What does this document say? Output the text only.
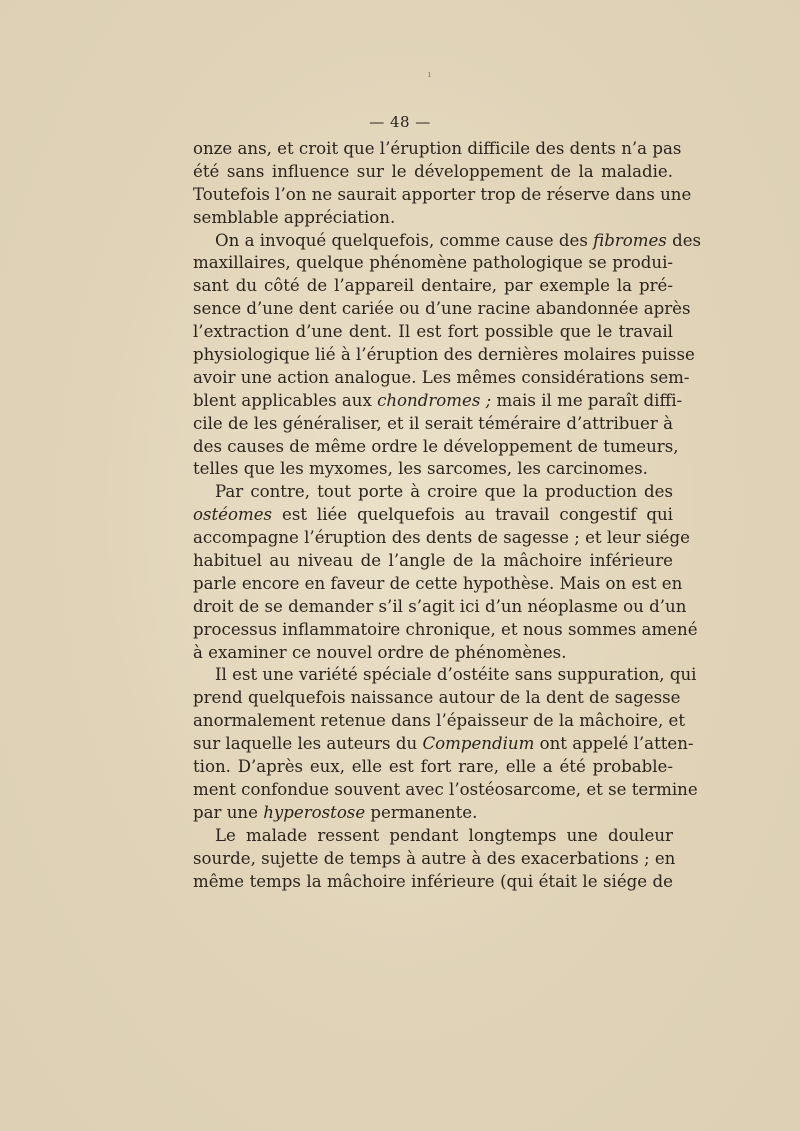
ı
— 48 —
onze ans, et croit que l’éruption difficile des dents n’a pas
été sans influence sur le développement de la maladie.
Toutefois l’on ne saurait apporter trop de réserve dans une
semblable appréciation.
On a invoqué quelquefois, comme cause des fibromes des
maxillaires, quelque phénomène pathologique se produi-
sant du côté de l’appareil dentaire, par exemple la pré-
sence d’une dent cariée ou d’une racine abandonnée après
l’extraction d’une dent. Il est fort possible que le travail
physiologique lié à l’éruption des dernières molaires puisse
avoir une action analogue. Les mêmes considérations sem-
blent applicables aux chondromes ; mais il me paraît diffi-
cile de les généraliser, et il serait téméraire d’attribuer à
des causes de même ordre le développement de tumeurs,
telles que les myxomes, les sarcomes, les carcinomes.
Par contre, tout porte à croire que la production des
ostéomes est liée quelquefois au travail congestif qui
accompagne l’éruption des dents de sagesse ; et leur siége
habituel au niveau de l’angle de la mâchoire inférieure
parle encore en faveur de cette hypothèse. Mais on est en
droit de se demander s’il s’agit ici d’un néoplasme ou d’un
processus inflammatoire chronique, et nous sommes amené
à examiner ce nouvel ordre de phénomènes.
Il est une variété spéciale d’ostéite sans suppuration, qui
prend quelquefois naissance autour de la dent de sagesse
anormalement retenue dans l’épaisseur de la mâchoire, et
sur laquelle les auteurs du Compendium ont appelé l’atten-
tion. D’après eux, elle est fort rare, elle a été probable-
ment confondue souvent avec l’ostéosarcome, et se termine
par une hyperostose permanente.
Le malade ressent pendant longtemps une douleur
sourde, sujette de temps à autre à des exacerbations ; en
même temps la mâchoire inférieure (qui était le siége de
